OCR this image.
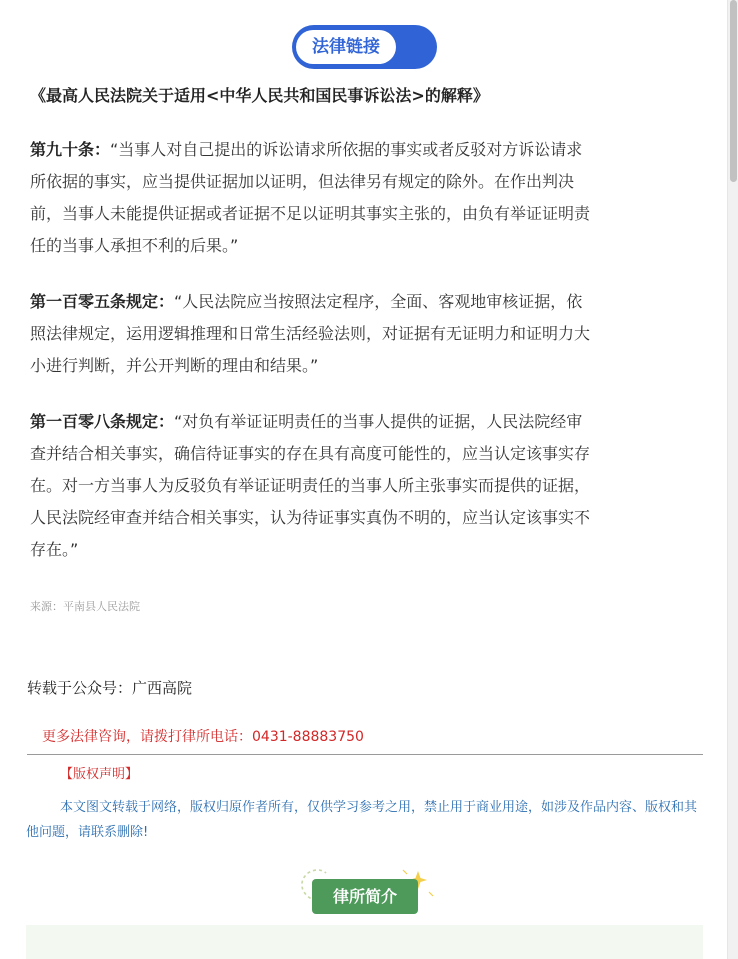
法律链接
《最高人民法院关于适用<中华人民共和国民事诉讼法>的解释》
第九十条：“当事人对自己提出的诉讼请求所依据的事实或者反驳对方诉讼请求所依据的事实，应当提供证据加以证明，但法律另有规定的除外。在作出判决前，当事人未能提供证据或者证据不足以证明其事实主张的，由负有举证证明责任的当事人承担不利的后果。”
第一百零五条规定：“人民法院应当按照法定程序，全面、客观地审核证据，依照法律规定，运用逻辑推理和日常生活经验法则，对证据有无证明力和证明力大小进行判断，并公开判断的理由和结果。”
第一百零八条规定：“对负有举证证明责任的当事人提供的证据，人民法院经审查并结合相关事实，确信待证事实的存在具有高度可能性的，应当认定该事实存在。对一方当事人为反驳负有举证证明责任的当事人所主张事实而提供的证据，人民法院经审查并结合相关事实，认为待证事实真伪不明的，应当认定该事实不存在。”
来源：平南县人民法院
转载于公众号：广西高院
更多法律咨询，请拨打律所电话：0431-88883750
【版权声明】
本文图文转载于网络，版权归原作者所有，仅供学习参考之用，禁止用于商业用途，如涉及作品内容、版权和其他问题，请联系删除!
律所简介
